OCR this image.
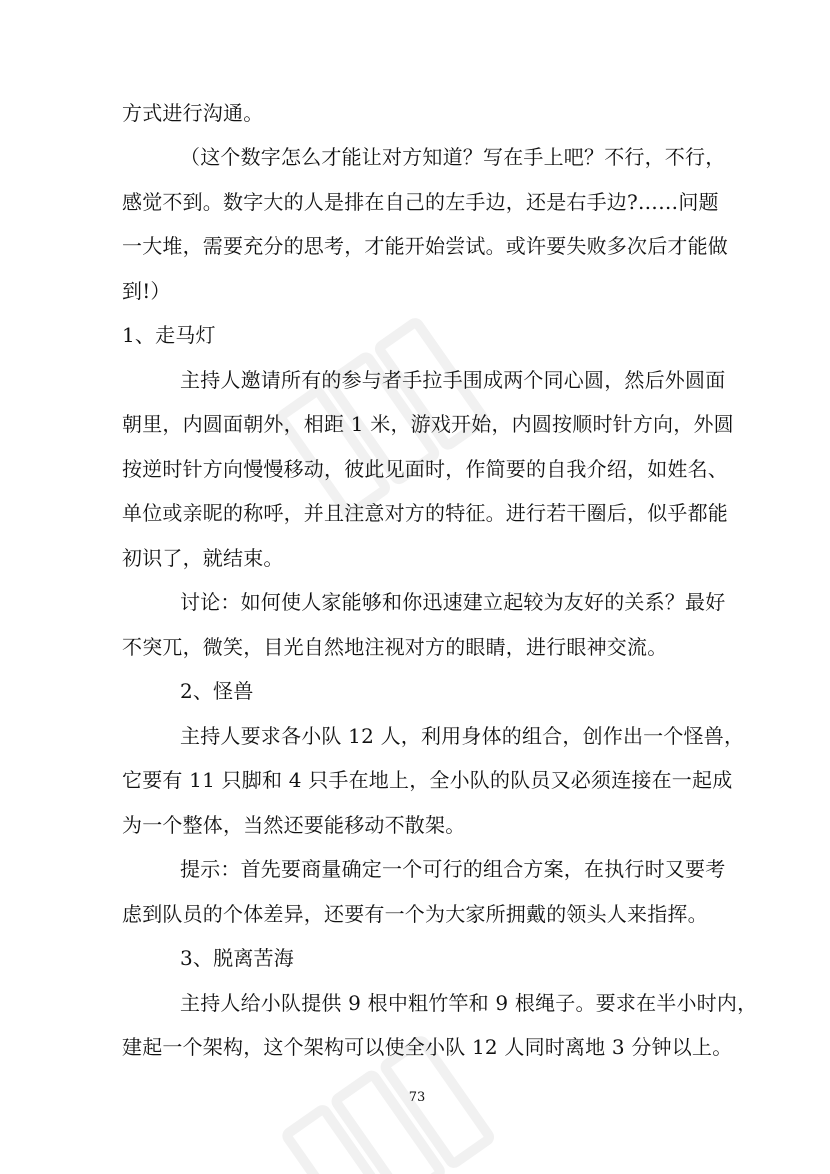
方式进行沟通。
（这个数字怎么才能让对方知道？写在手上吧？不行，不行，
感觉不到。数字大的人是排在自己的左手边，还是右手边?……问题
一大堆，需要充分的思考，才能开始尝试。或许要失败多次后才能做
到!）
1、走马灯
主持人邀请所有的参与者手拉手围成两个同心圆，然后外圆面
朝里，内圆面朝外，相距 1 米，游戏开始，内圆按顺时针方向，外圆
按逆时针方向慢慢移动，彼此见面时，作简要的自我介绍，如姓名、
单位或亲昵的称呼，并且注意对方的特征。进行若干圈后，似乎都能
初识了，就结束。
讨论：如何使人家能够和你迅速建立起较为友好的关系？最好
不突兀，微笑，目光自然地注视对方的眼睛，进行眼神交流。
2、怪兽
主持人要求各小队 12 人，利用身体的组合，创作出一个怪兽，
它要有 11 只脚和 4 只手在地上，全小队的队员又必须连接在一起成
为一个整体，当然还要能移动不散架。
提示：首先要商量确定一个可行的组合方案，在执行时又要考
虑到队员的个体差异，还要有一个为大家所拥戴的领头人来指挥。
3、脱离苦海
主持人给小队提供 9 根中粗竹竿和 9 根绳子。要求在半小时内，
建起一个架构，这个架构可以使全小队 12 人同时离地 3 分钟以上。
73
